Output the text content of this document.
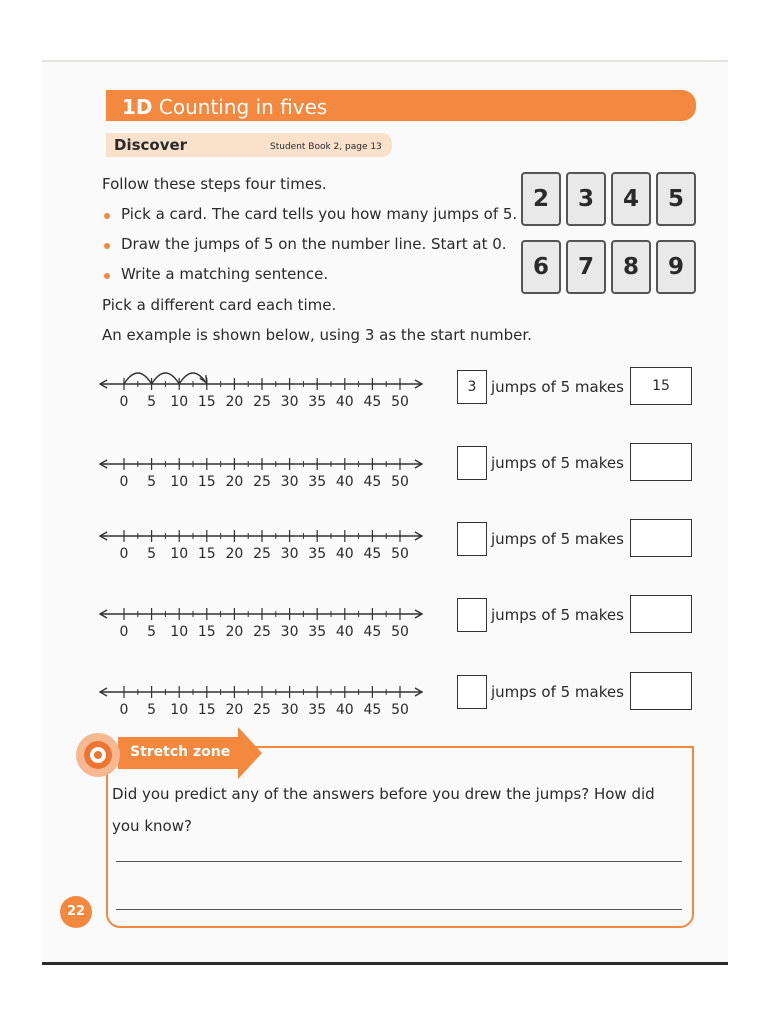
1D Counting in fives
Discover	Student Book 2, page 13
Follow these steps four times.
Pick a card. The card tells you how many jumps of 5.
Draw the jumps of 5 on the number line. Start at 0.
Write a matching sentence.
Pick a different card each time.
An example is shown below, using 3 as the start number.
2	3	4	5
6	7	8	9
0 5 10 15 20 25 30 35 40 45 50
0 5 10 15 20 25 30 35 40 45 50
0 5 10 15 20 25 30 35 40 45 50
0 5 10 15 20 25 30 35 40 45 50
0 5 10 15 20 25 30 35 40 45 50
3 jumps of 5 makes	15
jumps of 5 makes
jumps of 5 makes
jumps of 5 makes
jumps of 5 makes
Stretch zone
Did you predict any of the answers before you drew the jumps? How did you know?
22
